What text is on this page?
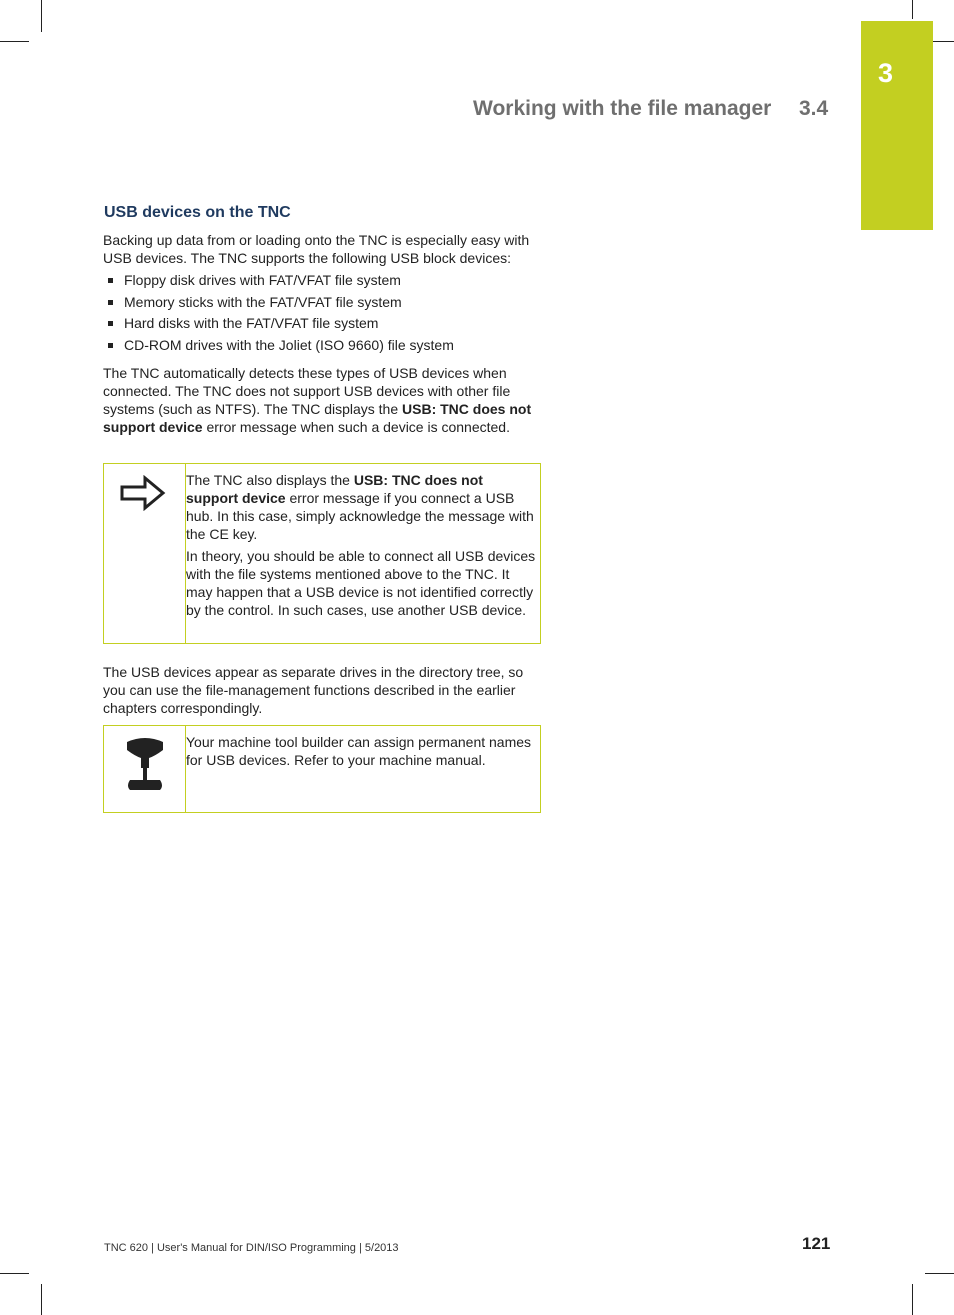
3
Working with the file manager 3.4
USB devices on the TNC

Backing up data from or loading onto the TNC is especially easy with USB devices. The TNC supports the following USB block devices:

Floppy disk drives with FAT/VFAT file system
Memory sticks with the FAT/VFAT file system
Hard disks with the FAT/VFAT file system
CD-ROM drives with the Joliet (ISO 9660) file system

The TNC automatically detects these types of USB devices when connected. The TNC does not support USB devices with other file systems (such as NTFS). The TNC displays the USB: TNC does not support device error message when such a device is connected.

The TNC also displays the USB: TNC does not support device error message if you connect a USB hub. In this case, simply acknowledge the message with the CE key.

In theory, you should be able to connect all USB devices with the file systems mentioned above to the TNC. It may happen that a USB device is not identified correctly by the control. In such cases, use another USB device.

The USB devices appear as separate drives in the directory tree, so you can use the file-management functions described in the earlier chapters correspondingly.

Your machine tool builder can assign permanent names for USB devices. Refer to your machine manual.

TNC 620 | User's Manual for DIN/ISO Programming | 5/2013	121
